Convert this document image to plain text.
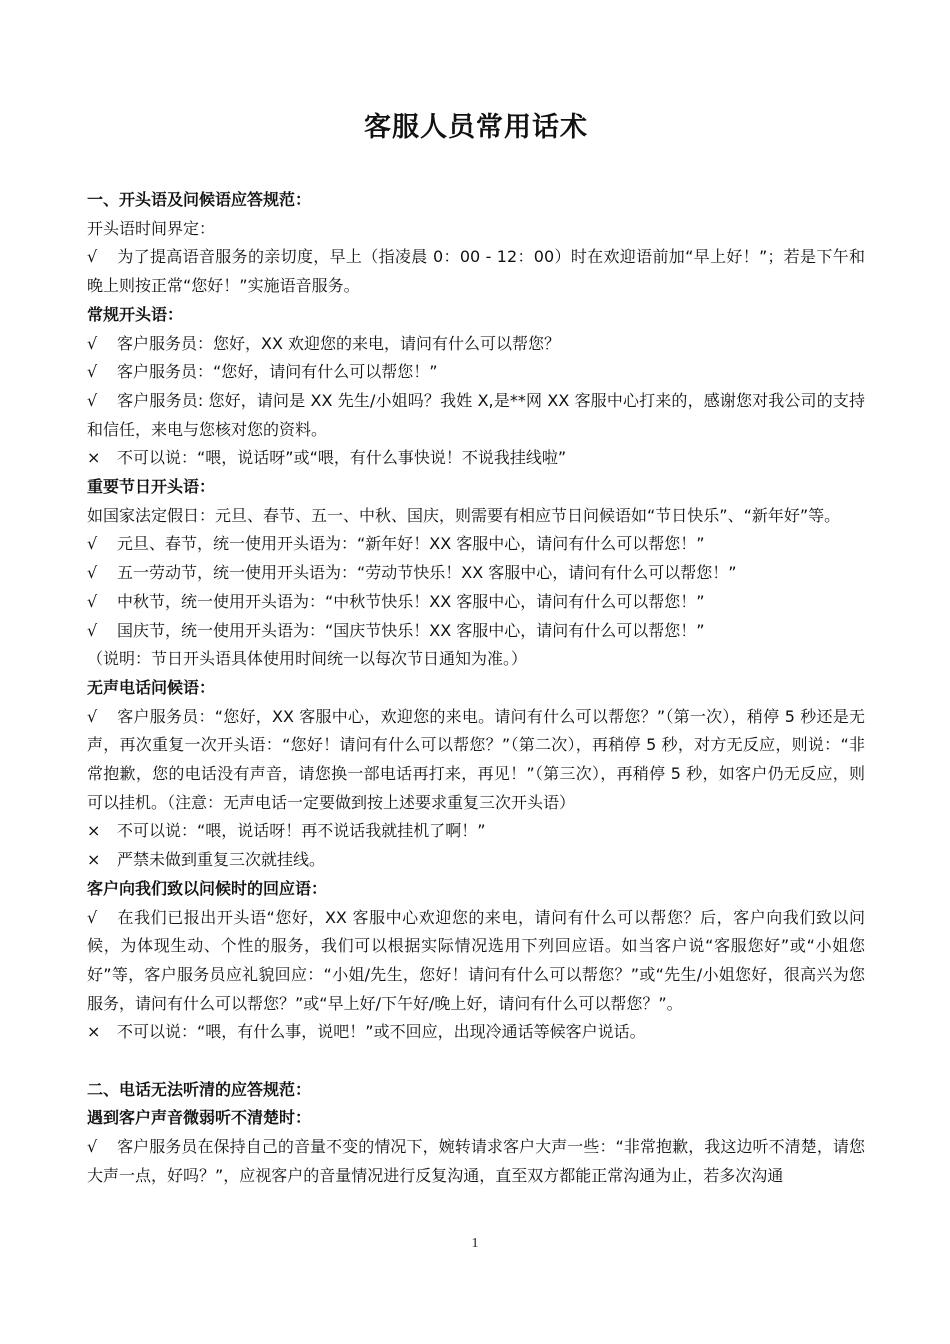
客服人员常用话术
一、开头语及问候语应答规范：
开头语时间界定：
√ 为了提高语音服务的亲切度，早上（指凌晨 0：00 - 12：00）时在欢迎语前加“早上好！”；若是下午和晚上则按正常“您好！”实施语音服务。
常规开头语：
√ 客户服务员：您好，XX 欢迎您的来电，请问有什么可以帮您？
√ 客户服务员：“您好，请问有什么可以帮您！”
√ 客户服务员: 您好，请问是 XX 先生/小姐吗？我姓 X,是**网 XX 客服中心打来的，感谢您对我公司的支持和信任，来电与您核对您的资料。
× 不可以说：“喂，说话呀”或“喂，有什么事快说！不说我挂线啦”
重要节日开头语：
如国家法定假日：元旦、春节、五一、中秋、国庆，则需要有相应节日问候语如“节日快乐”、“新年好”等。
√ 元旦、春节，统一使用开头语为：“新年好！XX 客服中心，请问有什么可以帮您！”
√ 五一劳动节，统一使用开头语为：“劳动节快乐！XX 客服中心，请问有什么可以帮您！”
√ 中秋节，统一使用开头语为：“中秋节快乐！XX 客服中心，请问有什么可以帮您！”
√ 国庆节，统一使用开头语为：“国庆节快乐！XX 客服中心，请问有什么可以帮您！”
（说明：节日开头语具体使用时间统一以每次节日通知为准。）
无声电话问候语：
√ 客户服务员：“您好，XX 客服中心，欢迎您的来电。请问有什么可以帮您？”（第一次），稍停 5 秒还是无声，再次重复一次开头语：“您好！请问有什么可以帮您？”（第二次），再稍停 5 秒，对方无反应，则说：“非常抱歉，您的电话没有声音，请您换一部电话再打来，再见！”（第三次），再稍停 5 秒，如客户仍无反应，则可以挂机。（注意：无声电话一定要做到按上述要求重复三次开头语）
× 不可以说：“喂，说话呀！再不说话我就挂机了啊！”
× 严禁未做到重复三次就挂线。
客户向我们致以问候时的回应语：
√ 在我们已报出开头语“您好，XX 客服中心欢迎您的来电，请问有什么可以帮您？后，客户向我们致以问候，为体现生动、个性的服务，我们可以根据实际情况选用下列回应语。如当客户说“客服您好”或“小姐您好”等，客户服务员应礼貌回应：“小姐/先生，您好！请问有什么可以帮您？”或“先生/小姐您好，很高兴为您服务，请问有什么可以帮您？”或“早上好/下午好/晚上好，请问有什么可以帮您？”。
× 不可以说：“喂，有什么事，说吧！”或不回应，出现冷通话等候客户说话。
二、电话无法听清的应答规范：
遇到客户声音微弱听不清楚时：
√ 客户服务员在保持自己的音量不变的情况下，婉转请求客户大声一些：“非常抱歉，我这边听不清楚，请您大声一点，好吗？”，应视客户的音量情况进行反复沟通，直至双方都能正常沟通为止，若多次沟通
1
